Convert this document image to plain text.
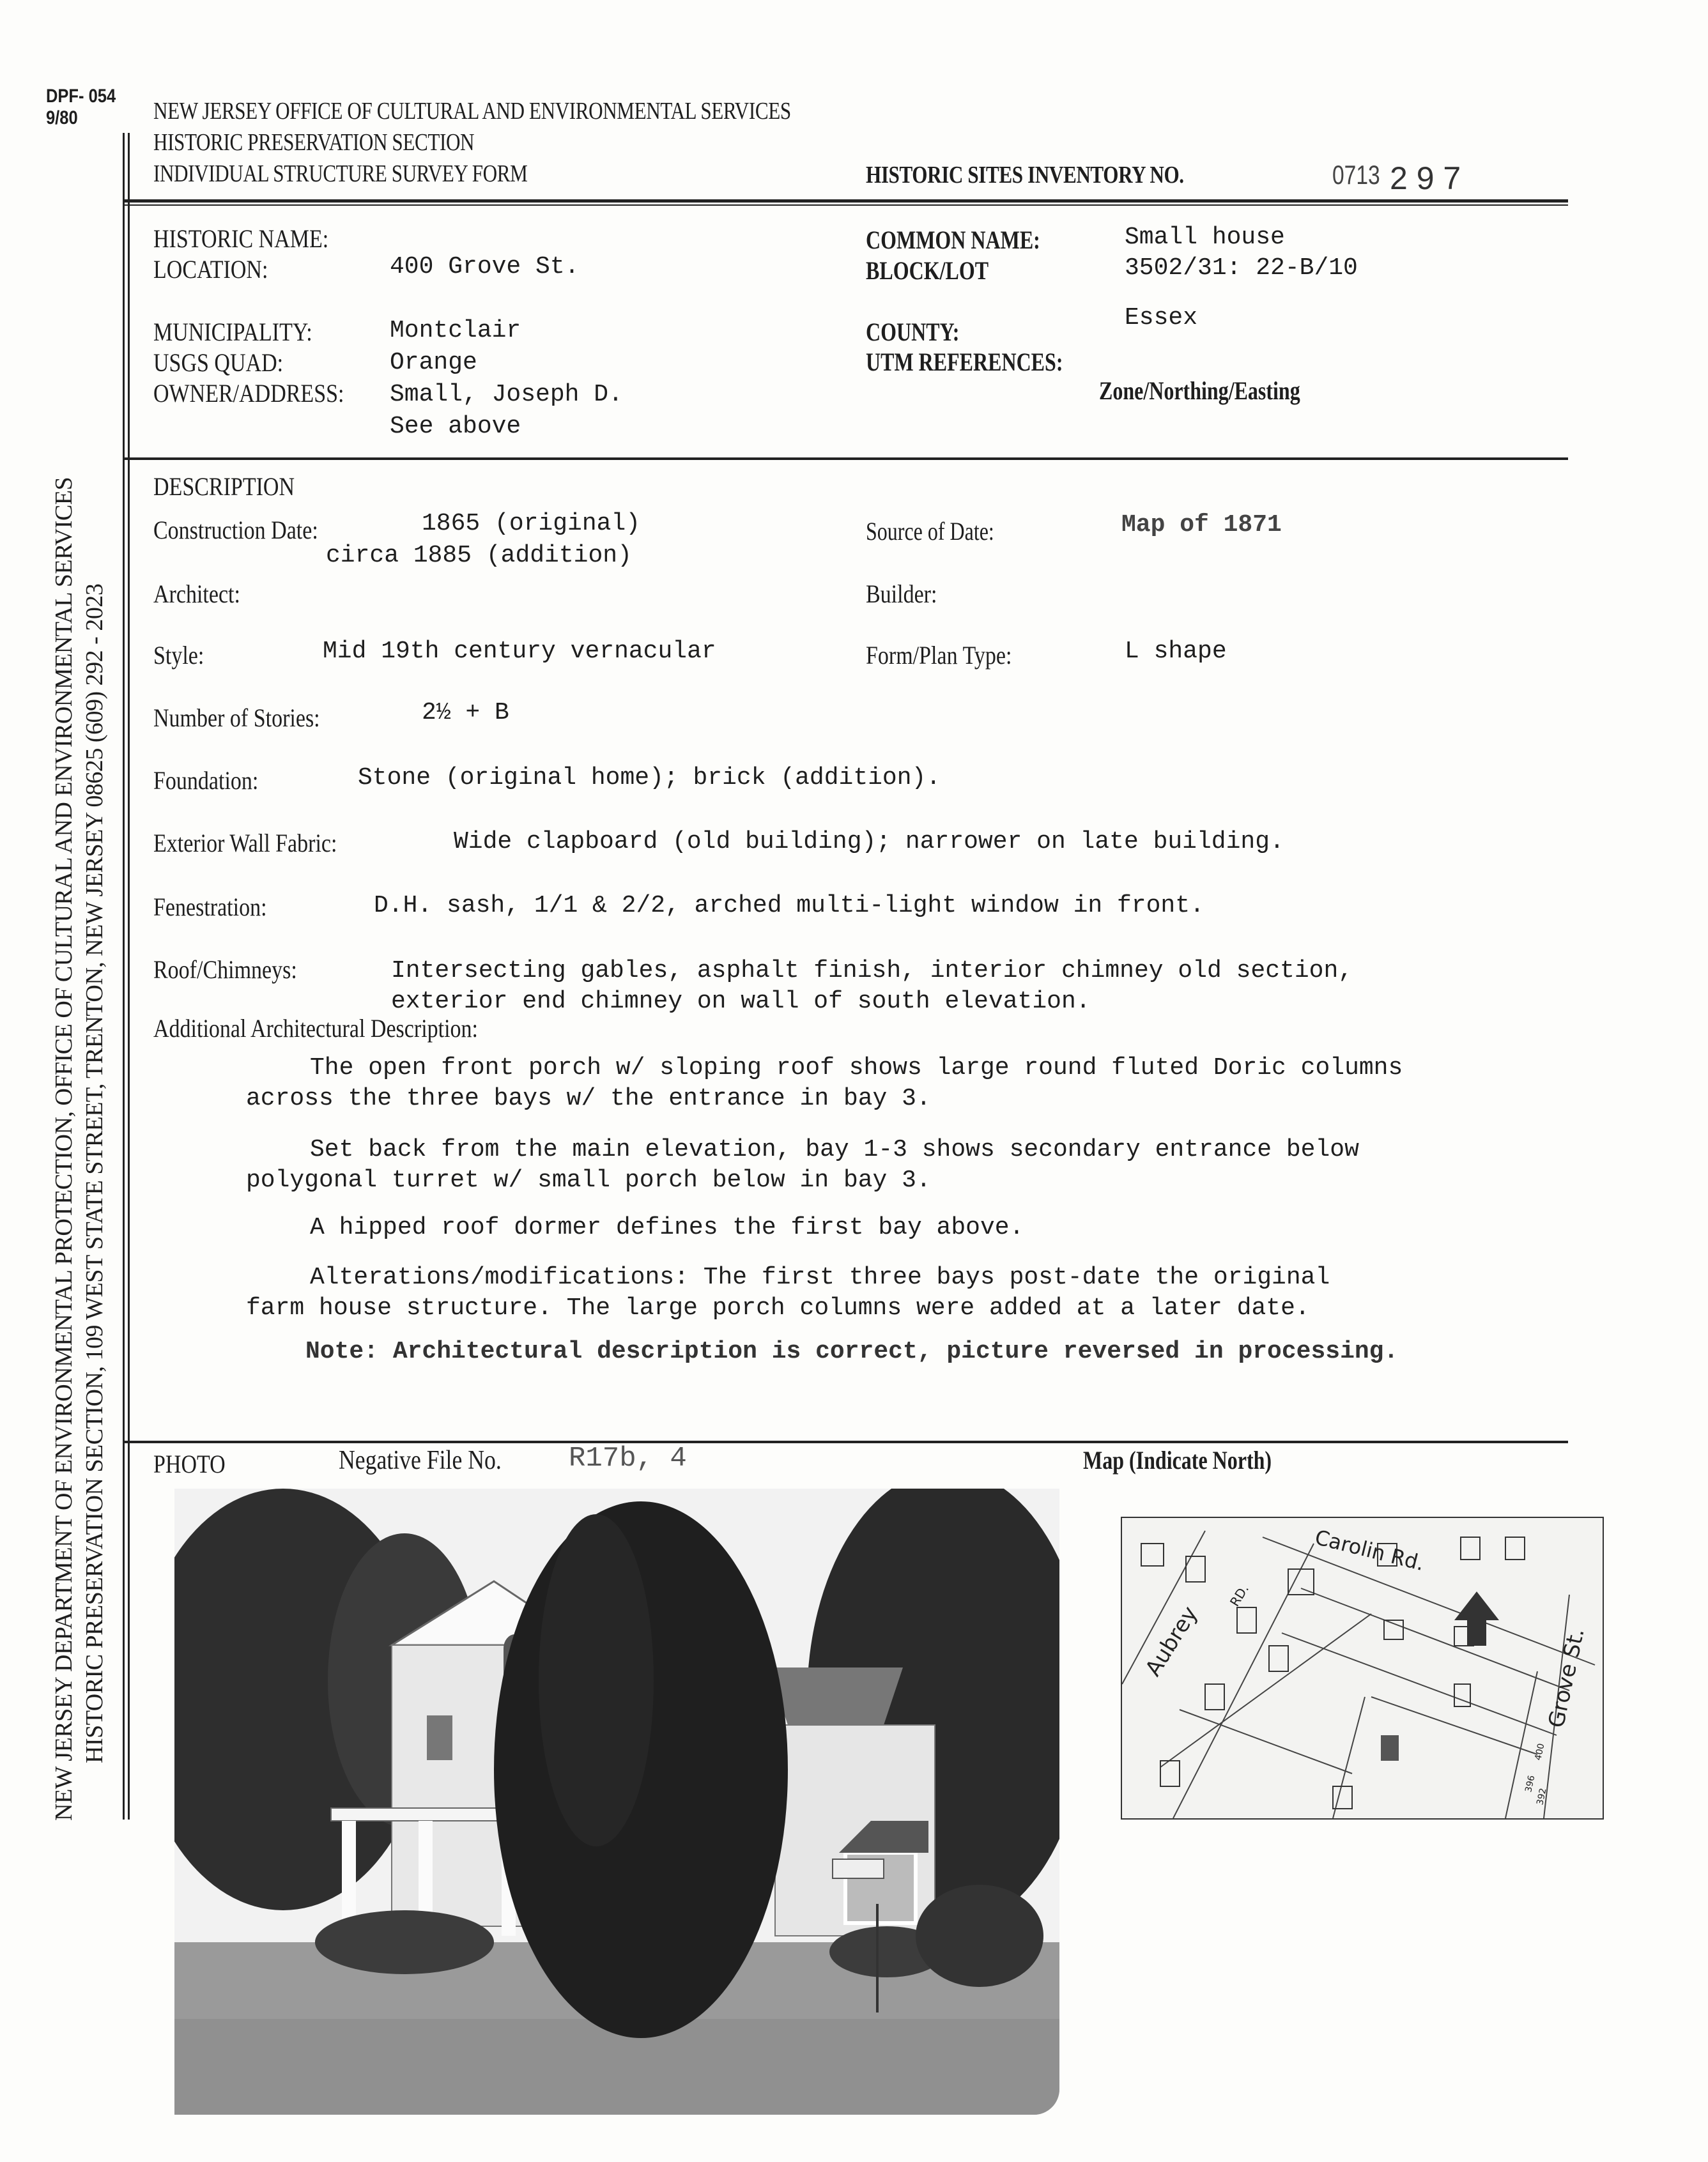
DPF- 054
9/80	NEW JERSEY OFFICE OF CULTURAL AND ENVIRONMENTAL SERVICES
HISTORIC PRESERVATION SECTION
INDIVIDUAL STRUCTURE SURVEY FORM	HISTORIC SITES INVENTORY NO.	0713 2 9 7
NEW JERSEY DEPARTMENT OF ENVIRONMENTAL PROTECTION, OFFICE OF CULTURAL AND ENVIRONMENTAL SERVICES HISTORIC PRESERVATION SECTION, 109 WEST STATE STREET, TRENTON, NEW JERSEY 08625 (609) 292 - 2023
HISTORIC NAME:
LOCATION:	400 Grove St.
MUNICIPALITY:	Montclair
USGS QUAD:	Orange
OWNER/ADDRESS: Small, Joseph D.
See above
COMMON NAME:	Small house
BLOCK/LOT	3502/31: 22-B/10
COUNTY:	Essex
UTM REFERENCES:
Zone/Northing/Easting
DESCRIPTION
Construction Date:	1865 (original)
circa 1885 (addition)
Source of Date:	Map of 1871
Architect:	Builder:
Style:	Mid 19th century vernacular	Form/Plan Type:	L shape
Number of Stories:	2½ + B
Foundation:	Stone (original home); brick (addition).
Exterior Wall Fabric:	Wide clapboard (old building); narrower on late building.
Fenestration:	D.H. sash, 1/1 & 2/2, arched multi-light window in front.
Roof/Chimneys:	Intersecting gables, asphalt finish, interior chimney old section,
exterior end chimney on wall of south elevation.
Additional Architectural Description:
The open front porch w/ sloping roof shows large round fluted Doric columns
across the three bays w/ the entrance in bay 3.
Set back from the main elevation, bay 1-3 shows secondary entrance below
polygonal turret w/ small porch below in bay 3.
A hipped roof dormer defines the first bay above.
Alterations/modifications: The first three bays post-date the original
farm house structure. The large porch columns were added at a later date.
Note: Architectural description is correct, picture reversed in processing.
PHOTO	Negative File No. R17b, 4	Map (Indicate North)
Carolin Rd.
Aubrey
RD.
Grove St.
400
396
392
